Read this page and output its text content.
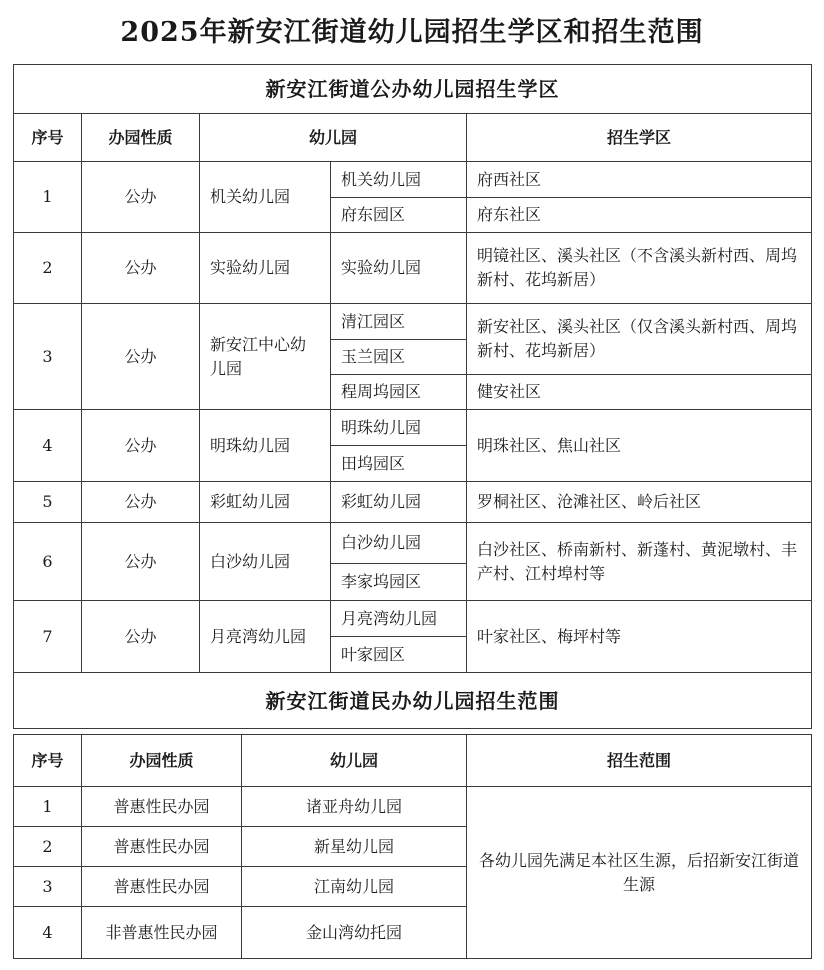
2025年新安江街道幼儿园招生学区和招生范围
新安江街道公办幼儿园招生学区				
序号	办园性质	幼儿园		招生学区
1	公办	机关幼儿园	机关幼儿园	府西社区
			府东园区	府东社区
2	公办	实验幼儿园	实验幼儿园	明镜社区、溪头社区（不含溪头新村西、周坞新村、花坞新居）
3	公办	新安江中心幼儿园	清江园区	新安社区、溪头社区（仅含溪头新村西、周坞新村、花坞新居）
			玉兰园区	
			程周坞园区	健安社区
4	公办	明珠幼儿园	明珠幼儿园	明珠社区、焦山社区
			田坞园区	
5	公办	彩虹幼儿园	彩虹幼儿园	罗桐社区、沧滩社区、岭后社区
6	公办	白沙幼儿园	白沙幼儿园	白沙社区、桥南新村、新蓬村、黄泥墩村、丰产村、江村埠村等
			李家坞园区	
7	公办	月亮湾幼儿园	月亮湾幼儿园	叶家社区、梅坪村等
			叶家园区	
新安江街道民办幼儿园招生范围				
序号	办园性质	幼儿园	招生范围
1	普惠性民办园	诸亚舟幼儿园	各幼儿园先满足本社区生源，后招新安江街道生源
2	普惠性民办园	新星幼儿园	
3	普惠性民办园	江南幼儿园	
4	非普惠性民办园	金山湾幼托园	
